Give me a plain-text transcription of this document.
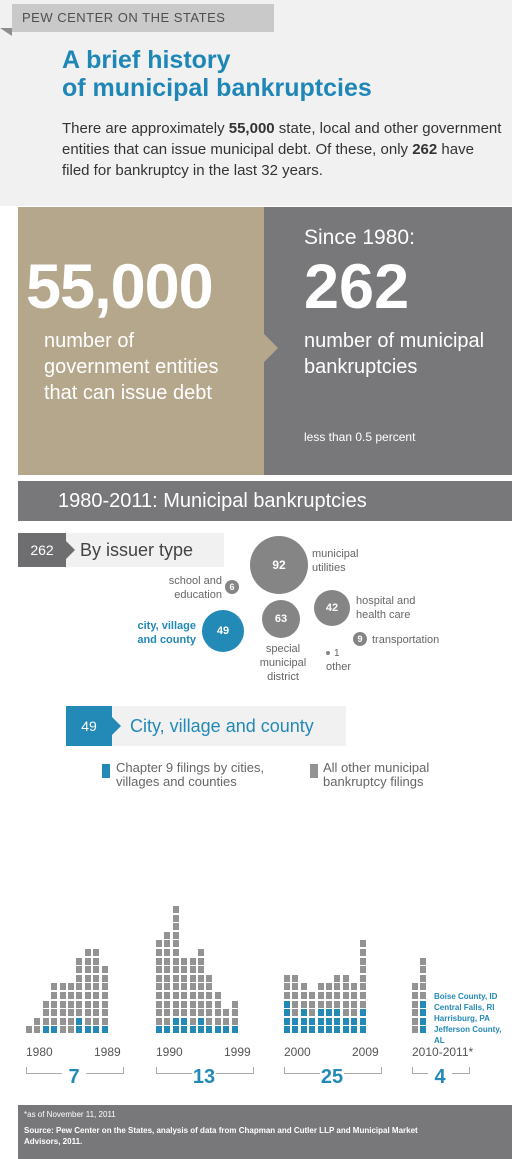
PEW CENTER ON THE STATES
A brief history
of municipal bankruptcies
There are approximately 55,000 state, local and other government entities that can issue municipal debt. Of these, only 262 have filed for bankruptcy in the last 32 years.
55,000
number of government entities that can issue debt
Since 1980:
262
number of municipal bankruptcies
less than 0.5 percent
1980-2011: Municipal bankruptcies
262	By issuer type
92
municipal utilities
6
school and education
49
city, village and county
63
special municipal district
42
hospital and health care
9 transportation
1
other
49	City, village and county
Chapter 9 filings by cities, villages and counties
All other municipal bankruptcy filings
1980	1989
7
1990	1999
13
2000	2009
25
2010-2011*
4
Boise County, ID
Central Falls, RI
Harrisburg, PA
Jefferson County, AL
*as of November 11, 2011
Source: Pew Center on the States, analysis of data from Chapman and Cutler LLP and Municipal Market Advisors, 2011.
